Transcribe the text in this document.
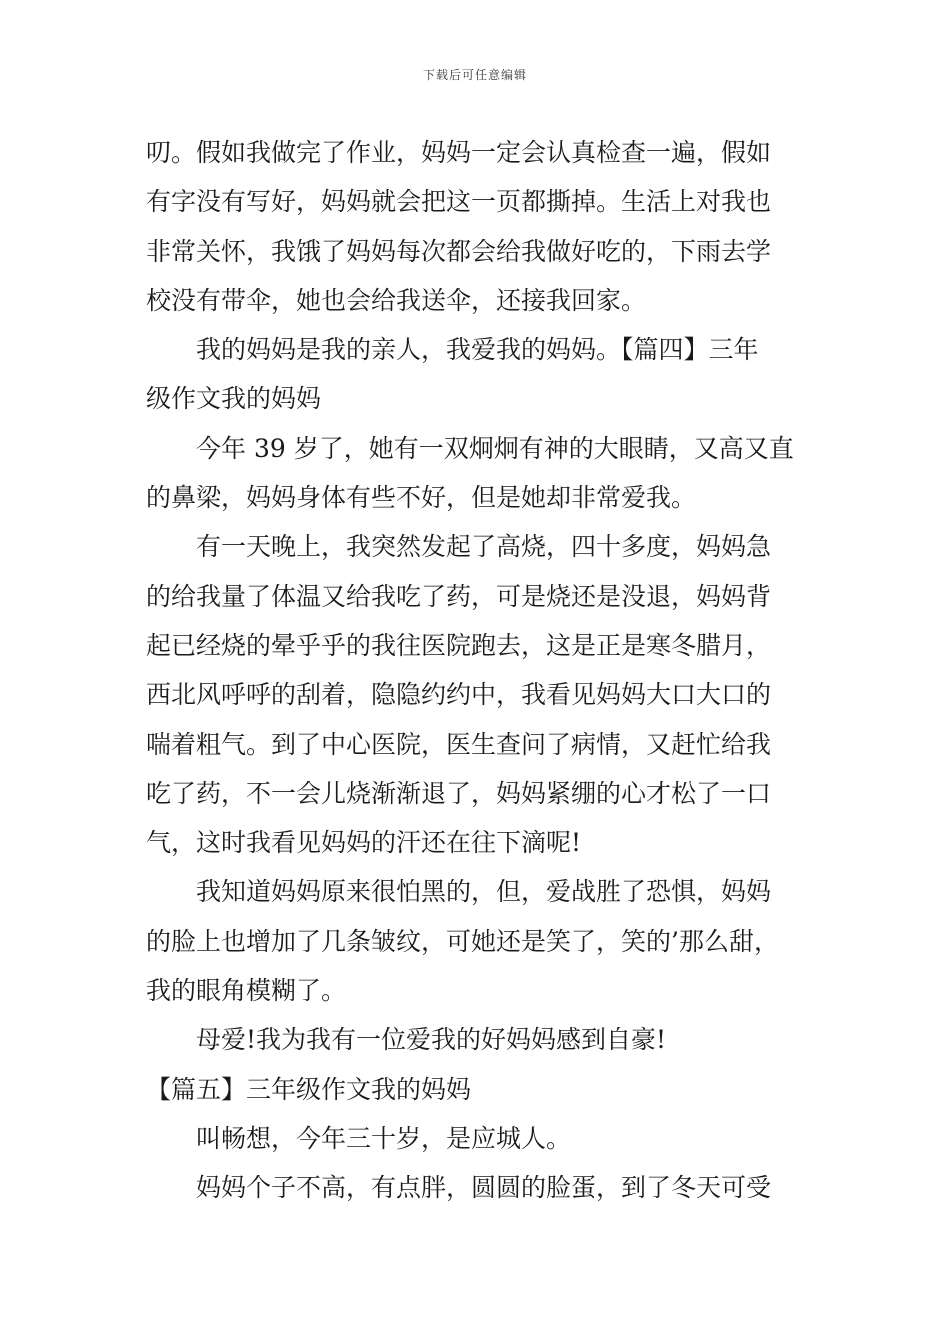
下载后可任意编辑
叨。假如我做完了作业，妈妈一定会认真检查一遍，假如
有字没有写好，妈妈就会把这一页都撕掉。生活上对我也
非常关怀，我饿了妈妈每次都会给我做好吃的，下雨去学
校没有带伞，她也会给我送伞，还接我回家。
我的妈妈是我的亲人，我爱我的妈妈。【篇四】三年
级作文我的妈妈
今年 39 岁了，她有一双炯炯有神的大眼睛，又高又直
的鼻梁，妈妈身体有些不好，但是她却非常爱我。
有一天晚上，我突然发起了高烧，四十多度，妈妈急
的给我量了体温又给我吃了药，可是烧还是没退，妈妈背
起已经烧的晕乎乎的我往医院跑去，这是正是寒冬腊月，
西北风呼呼的刮着，隐隐约约中，我看见妈妈大口大口的
喘着粗气。到了中心医院，医生查问了病情，又赶忙给我
吃了药，不一会儿烧渐渐退了，妈妈紧绷的心才松了一口
气，这时我看见妈妈的汗还在往下滴呢!
我知道妈妈原来很怕黑的，但，爱战胜了恐惧，妈妈
的脸上也增加了几条皱纹，可她还是笑了，笑的’那么甜，
我的眼角模糊了。
母爱!我为我有一位爱我的好妈妈感到自豪!
【篇五】三年级作文我的妈妈
叫畅想，今年三十岁，是应城人。
妈妈个子不高，有点胖，圆圆的脸蛋，到了冬天可受
